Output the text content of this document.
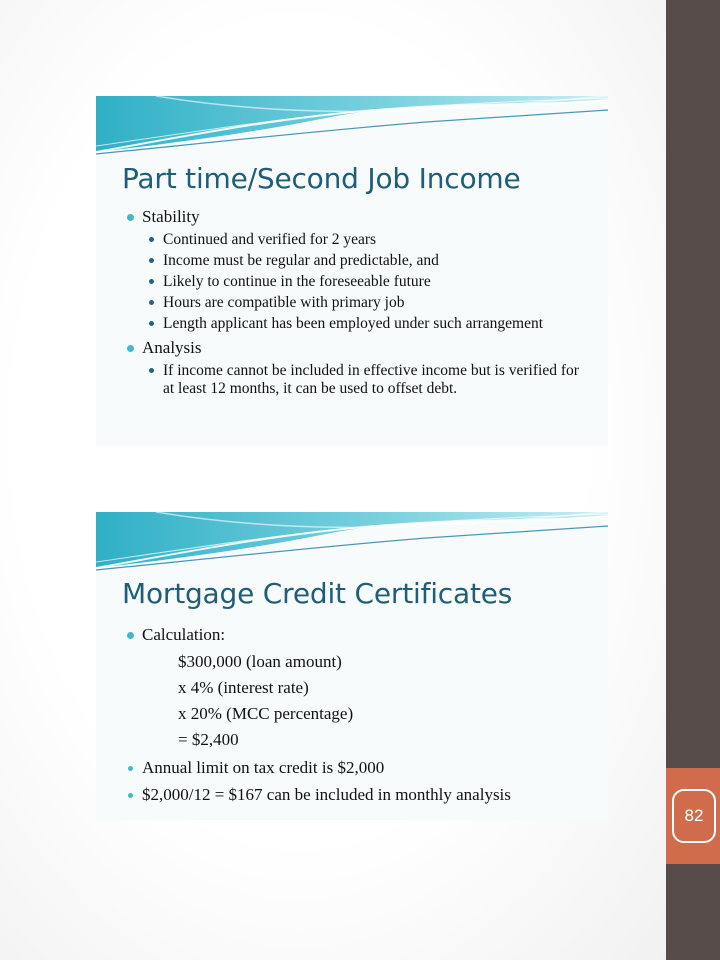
82
Part time/Second Job Income
Stability
Continued and verified for 2 years
Income must be regular and predictable, and
Likely to continue in the foreseeable future
Hours are compatible with primary job
Length applicant has been employed under such arrangement
Analysis
If income cannot be included in effective income but is verified for at least 12 months, it can be used to offset debt.
Mortgage Credit Certificates
Calculation:
$300,000 (loan amount)
x 4% (interest rate)
x 20% (MCC percentage)
= $2,400
Annual limit on tax credit is $2,000
$2,000/12 = $167 can be included in monthly analysis
